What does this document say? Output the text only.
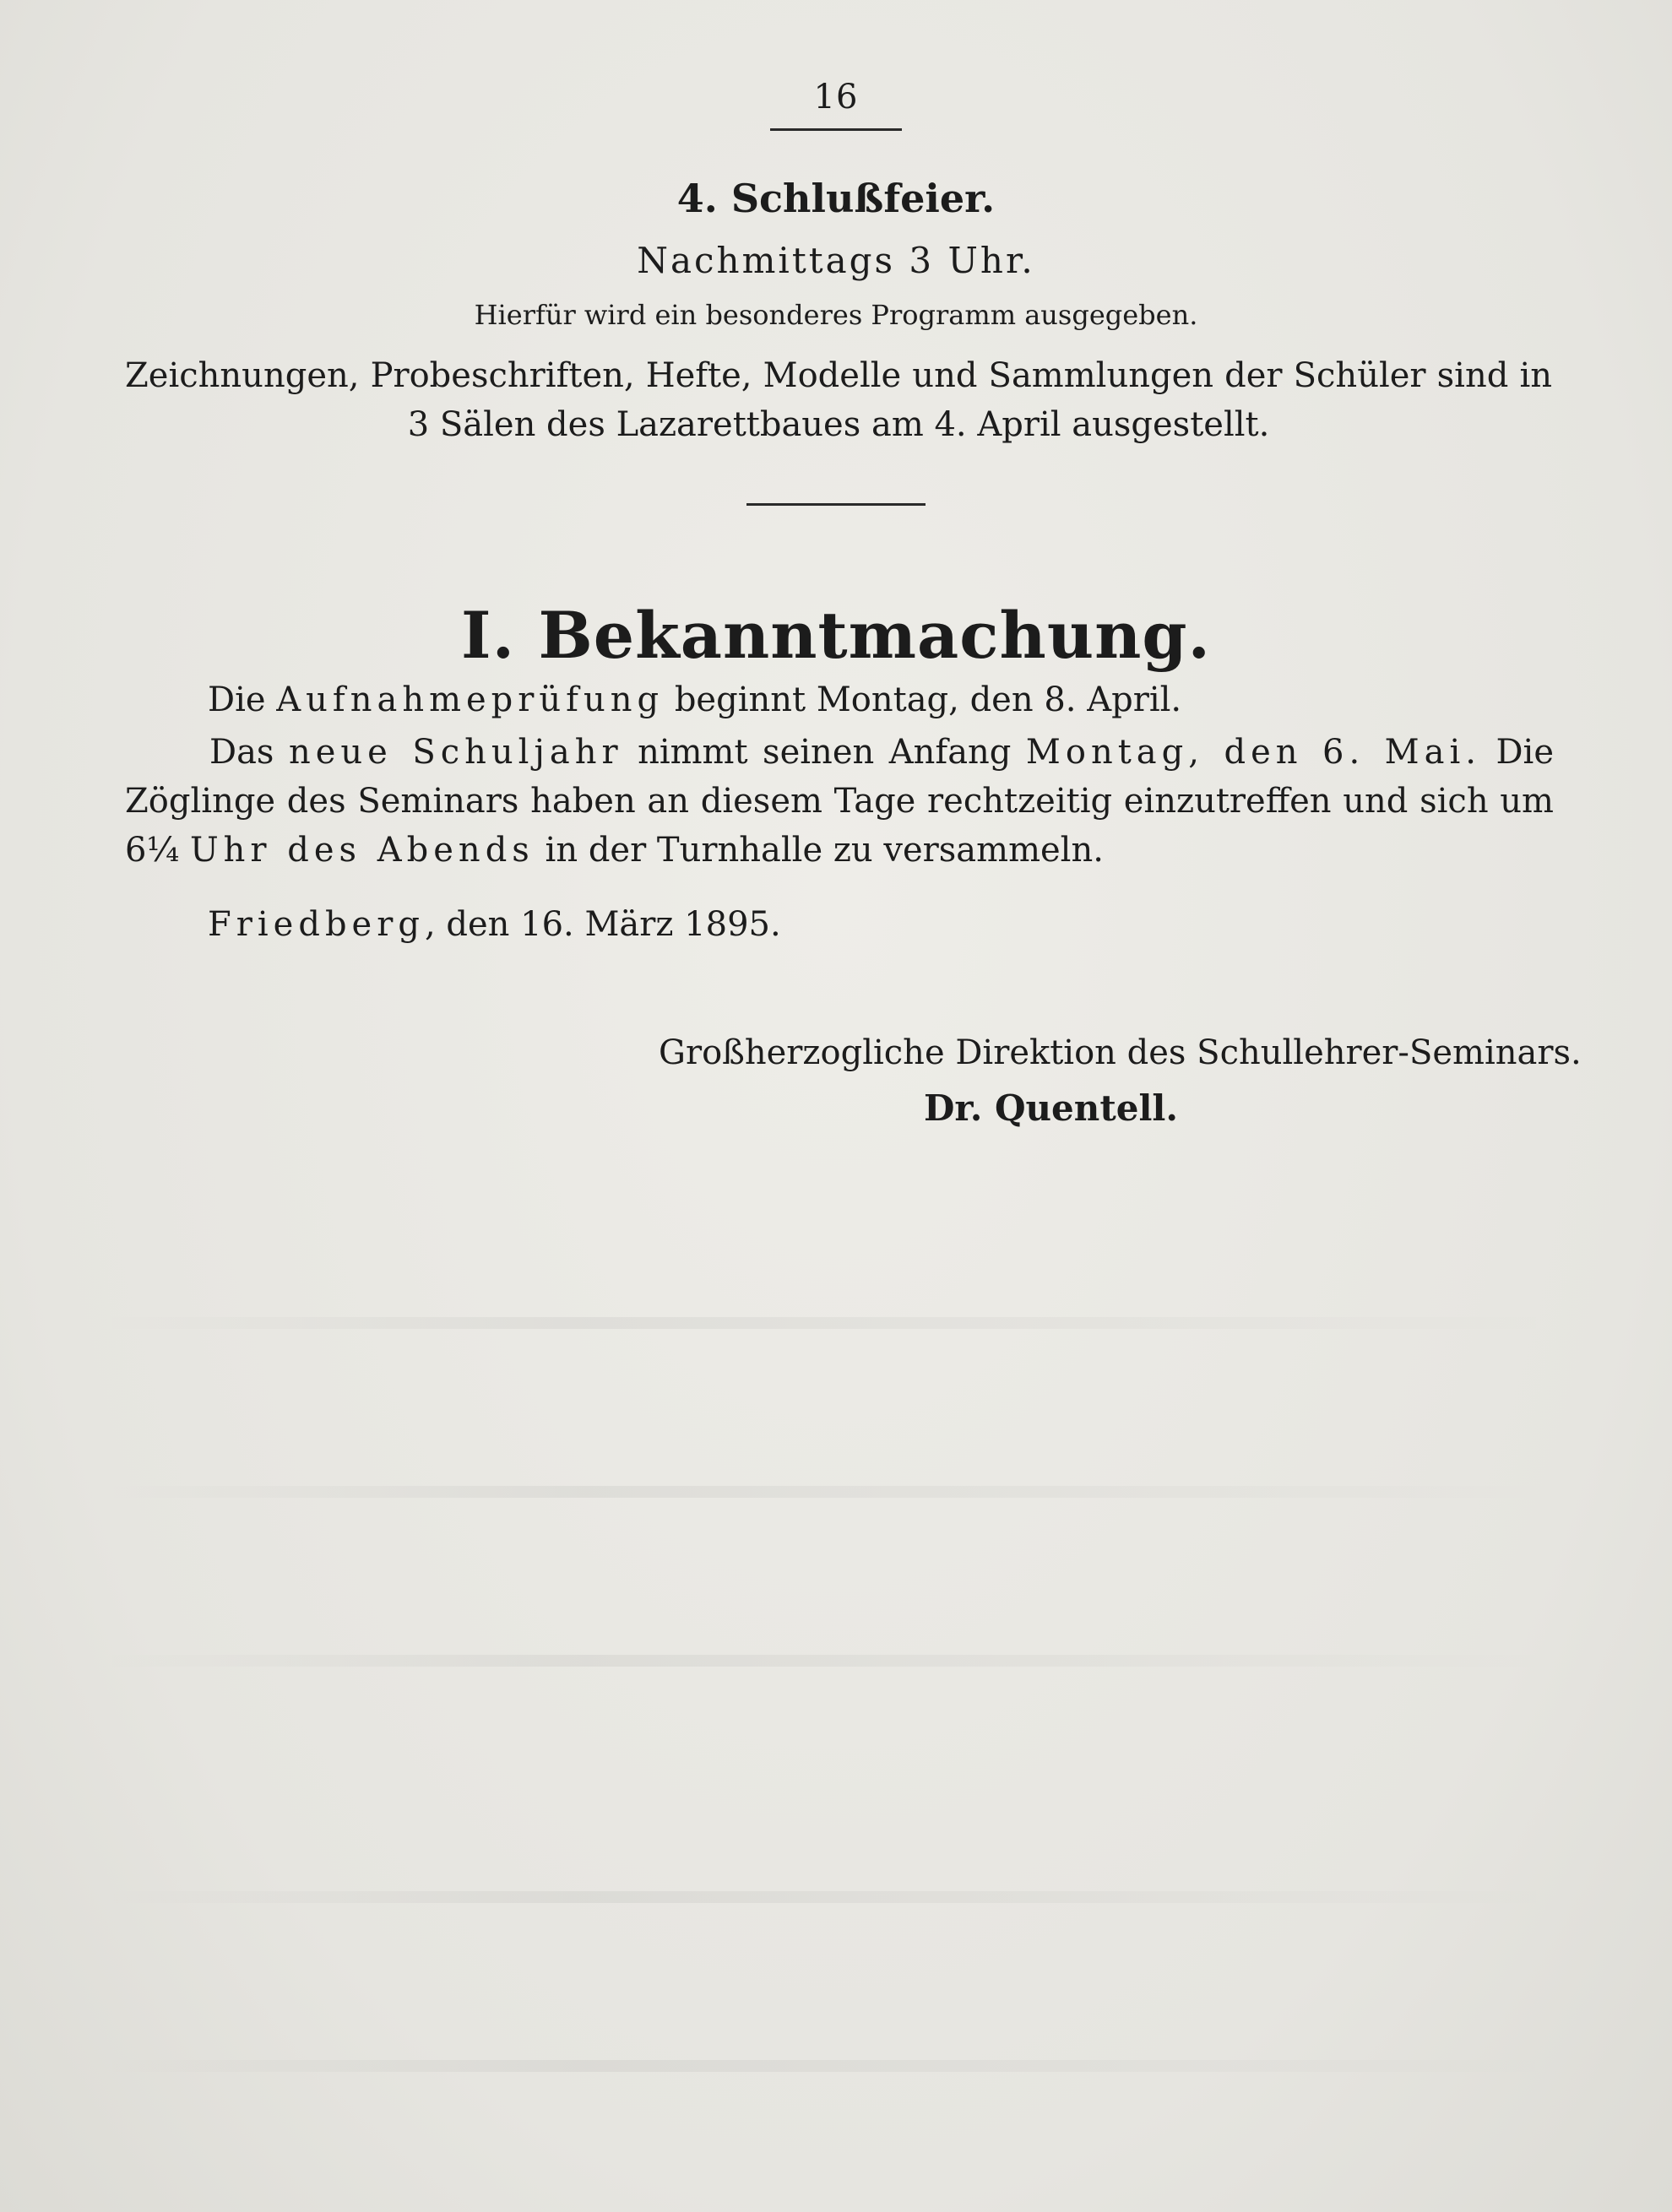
16
4. Schlußfeier.
Nachmittags 3 Uhr.
Hierfür wird ein besonderes Programm ausgegeben.
Zeichnungen, Probeschriften, Hefte, Modelle und Sammlungen der Schüler sind in 3 Sälen des Lazarettbaues am 4. April ausgestellt.
I. Bekanntmachung.
Die Aufnahmeprüfung beginnt Montag, den 8. April.
Das neue Schuljahr nimmt seinen Anfang Montag, den 6. Mai. Die Zöglinge des Seminars haben an diesem Tage rechtzeitig einzutreffen und sich um 6¼ Uhr des Abends in der Turnhalle zu versammeln.
Friedberg, den 16. März 1895.
Großherzogliche Direktion des Schullehrer-Seminars.
Dr. Quentell.
